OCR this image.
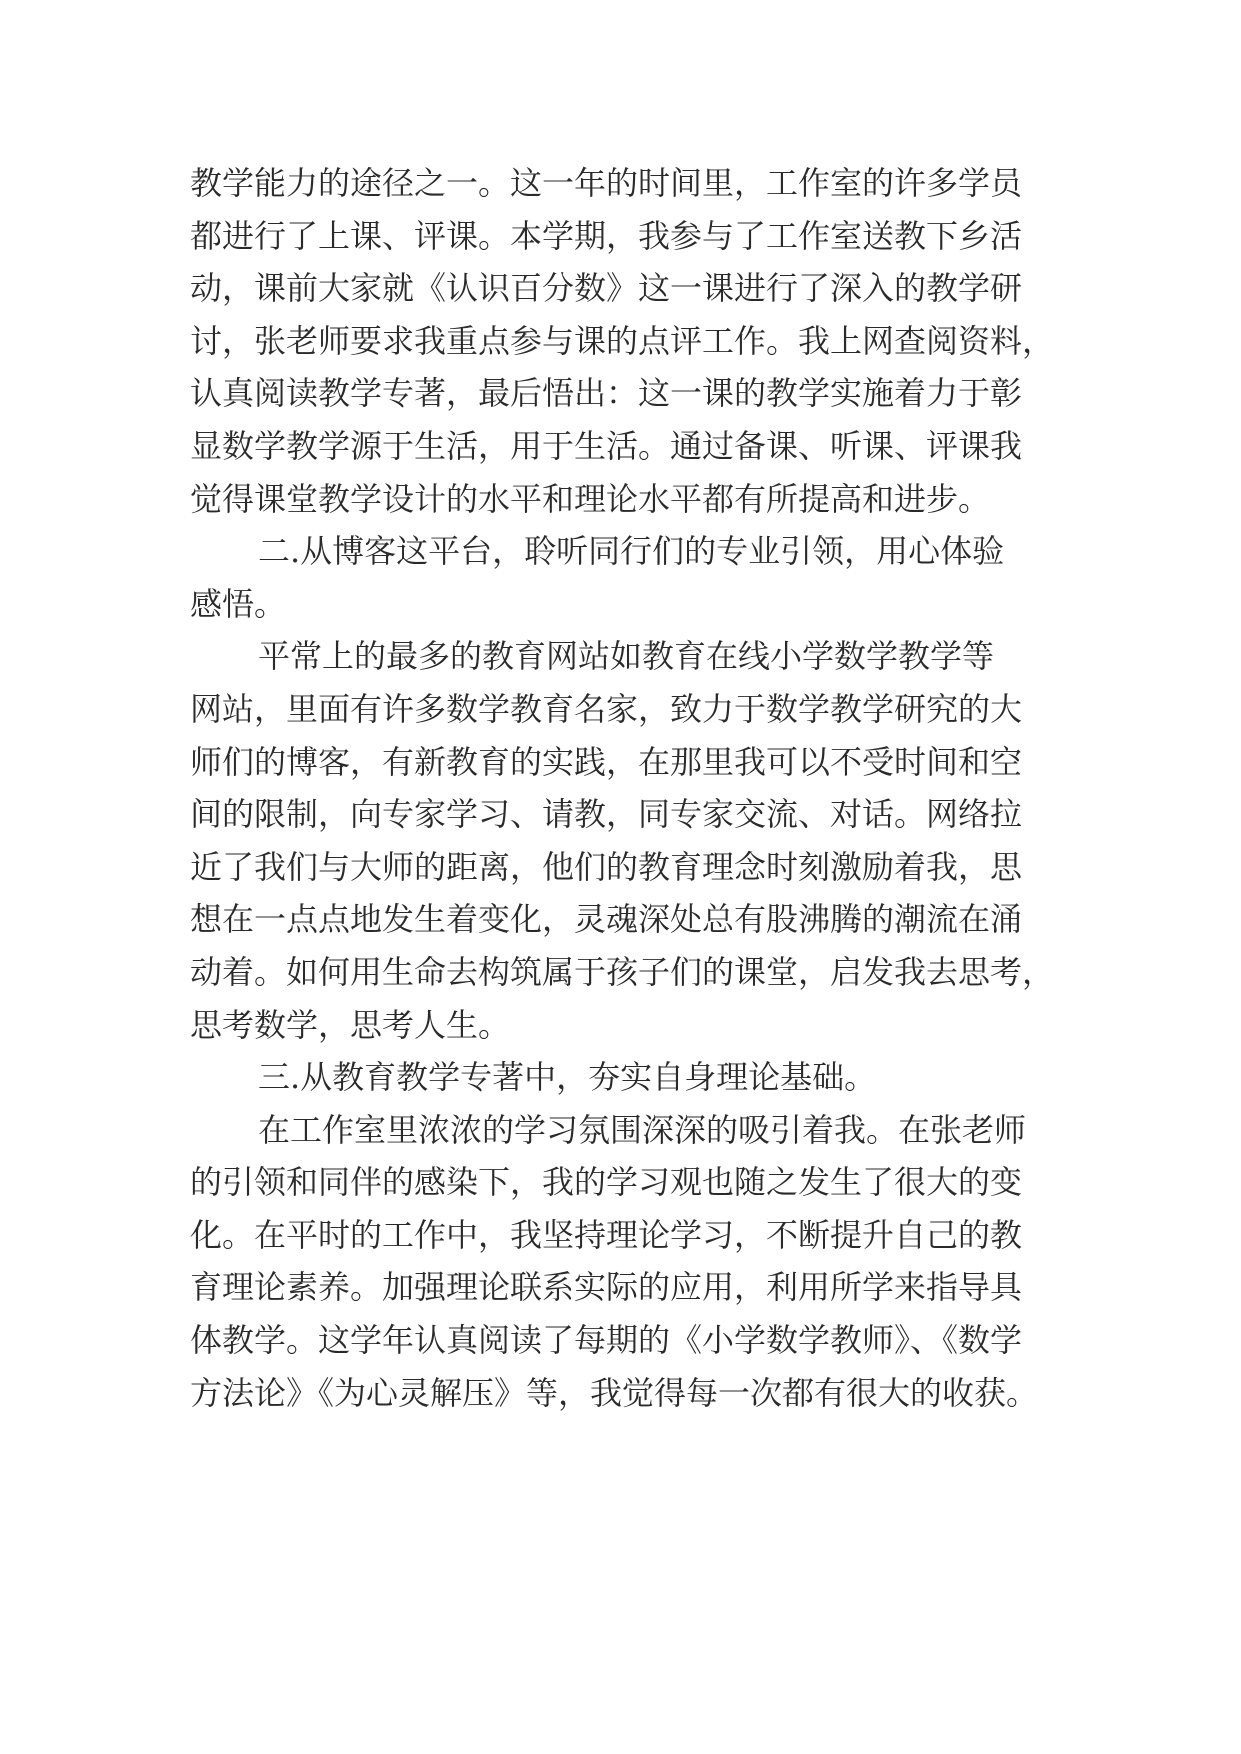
教学能力的途径之一。这一年的时间里，工作室的许多学员
都进行了上课、评课。本学期，我参与了工作室送教下乡活
动，课前大家就《认识百分数》这一课进行了深入的教学研
讨，张老师要求我重点参与课的点评工作。我上网查阅资料，
认真阅读教学专著，最后悟出：这一课的教学实施着力于彰
显数学教学源于生活，用于生活。通过备课、听课、评课我
觉得课堂教学设计的水平和理论水平都有所提高和进步。
二.从博客这平台，聆听同行们的专业引领，用心体验
感悟。
平常上的最多的教育网站如教育在线小学数学教学等
网站，里面有许多数学教育名家，致力于数学教学研究的大
师们的博客，有新教育的实践，在那里我可以不受时间和空
间的限制，向专家学习、请教，同专家交流、对话。网络拉
近了我们与大师的距离，他们的教育理念时刻激励着我，思
想在一点点地发生着变化，灵魂深处总有股沸腾的潮流在涌
动着。如何用生命去构筑属于孩子们的课堂，启发我去思考，
思考数学，思考人生。
三.从教育教学专著中，夯实自身理论基础。
在工作室里浓浓的学习氛围深深的吸引着我。在张老师
的引领和同伴的感染下，我的学习观也随之发生了很大的变
化。在平时的工作中，我坚持理论学习，不断提升自己的教
育理论素养。加强理论联系实际的应用，利用所学来指导具
体教学。这学年认真阅读了每期的《小学数学教师》、《数学
方法论》《为心灵解压》等，我觉得每一次都有很大的收获。
